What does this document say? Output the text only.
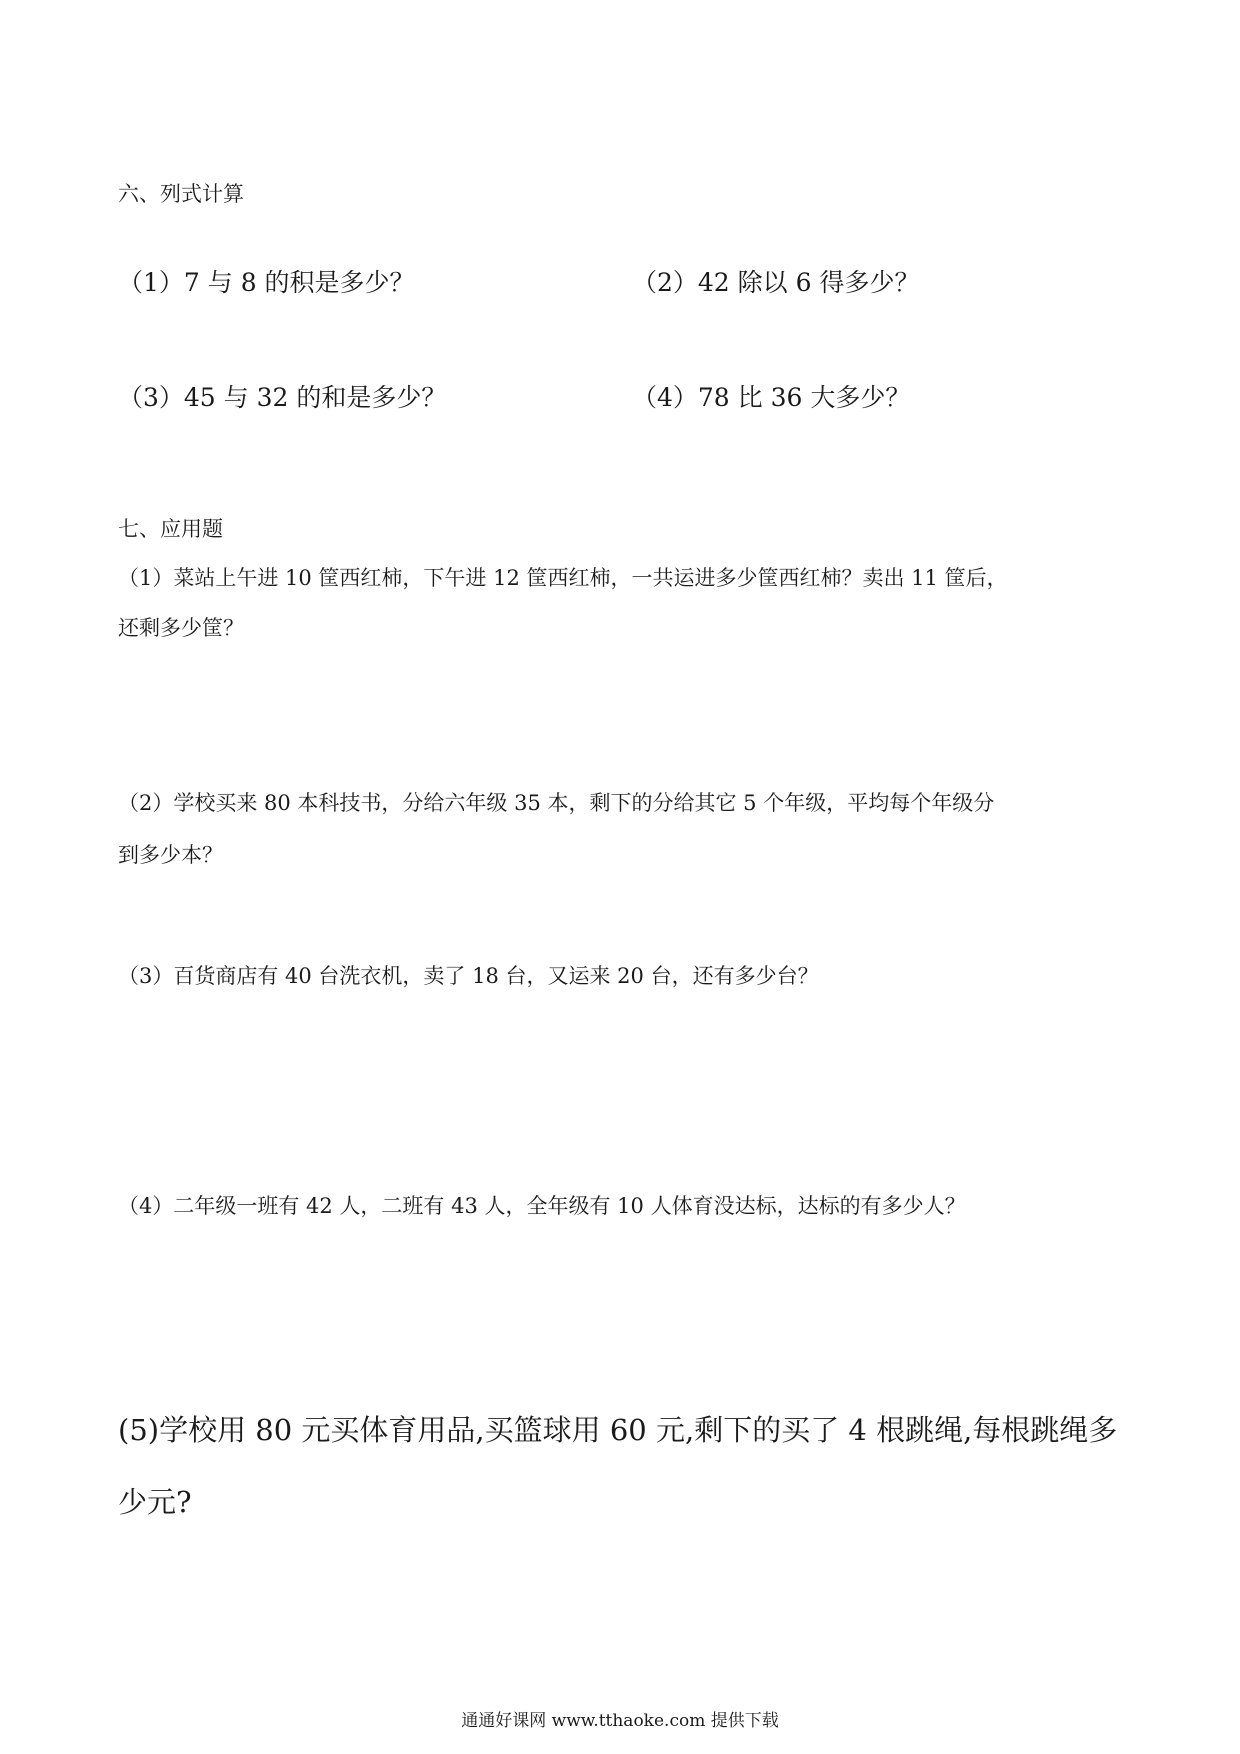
六、列式计算
（1）7 与 8 的积是多少？	（2）42 除以 6 得多少？
（3）45 与 32 的和是多少？	（4）78 比 36 大多少？
七、应用题
（1）菜站上午进 10 筐西红柿，下午进 12 筐西红柿，一共运进多少筐西红柿？卖出 11 筐后，
还剩多少筐？
（2）学校买来 80 本科技书，分给六年级 35 本，剩下的分给其它 5 个年级，平均每个年级分
到多少本？
（3）百货商店有 40 台洗衣机，卖了 18 台，又运来 20 台，还有多少台？
（4）二年级一班有 42 人，二班有 43 人，全年级有 10 人体育没达标，达标的有多少人？
(5)学校用 80 元买体育用品,买篮球用 60 元,剩下的买了 4 根跳绳,每根跳绳多
少元?
通通好课网 www.tthaoke.com 提供下载
